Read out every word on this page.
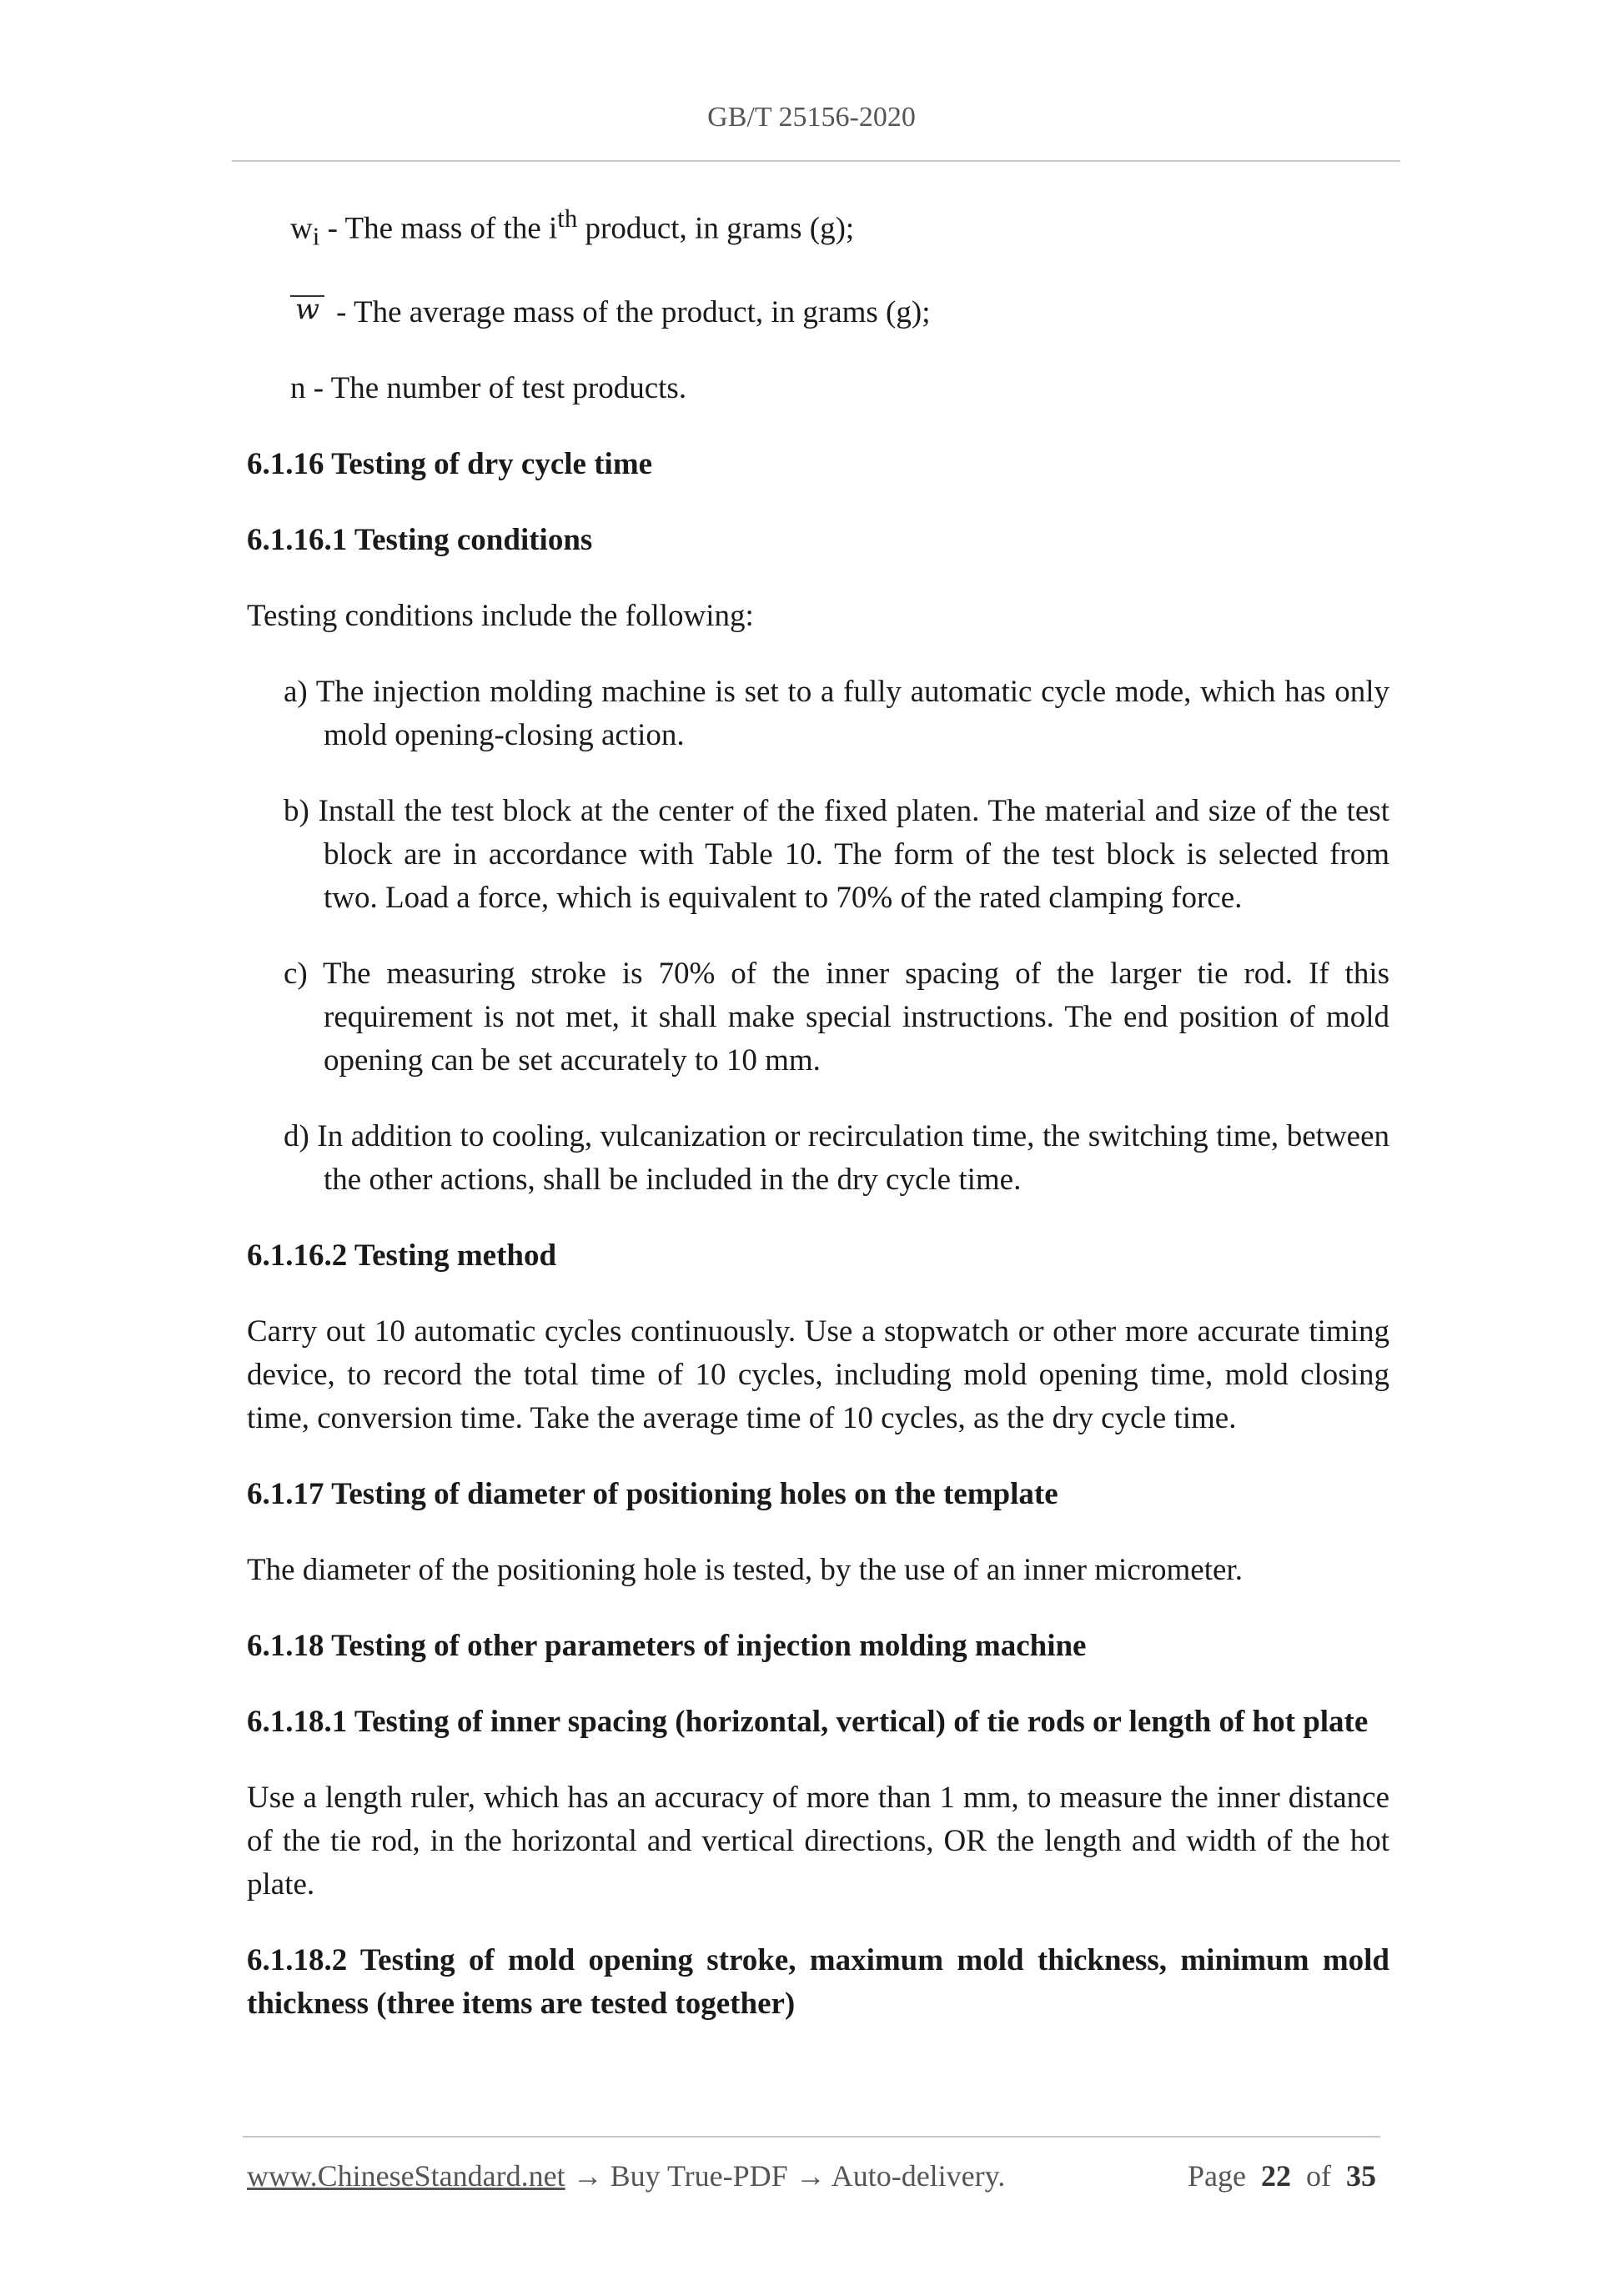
GB/T 25156-2020

$w_i$ - The mass of the $i^{th}$ product, in grams (g);

w - The average mass of the product, in grams (g);

n - The number of test products.

6.1.16 Testing of dry cycle time

6.1.16.1 Testing conditions

Testing conditions include the following:

a) The injection molding machine is set to a fully automatic cycle mode, which has only mold opening-closing action.

b) Install the test block at the center of the fixed platen. The material and size of the test block are in accordance with Table 10. The form of the test block is selected from two. Load a force, which is equivalent to 70% of the rated clamping force.

c) The measuring stroke is 70% of the inner spacing of the larger tie rod. If this requirement is not met, it shall make special instructions. The end position of mold opening can be set accurately to 10 mm.

d) In addition to cooling, vulcanization or recirculation time, the switching time, between the other actions, shall be included in the dry cycle time.

6.1.16.2 Testing method

Carry out 10 automatic cycles continuously. Use a stopwatch or other more accurate timing device, to record the total time of 10 cycles, including mold opening time, mold closing time, conversion time. Take the average time of 10 cycles, as the dry cycle time.

6.1.17 Testing of diameter of positioning holes on the template

The diameter of the positioning hole is tested, by the use of an inner micrometer.

6.1.18 Testing of other parameters of injection molding machine

6.1.18.1 Testing of inner spacing (horizontal, vertical) of tie rods or length of hot plate

Use a length ruler, which has an accuracy of more than 1 mm, to measure the inner distance of the tie rod, in the horizontal and vertical directions, OR the length and width of the hot plate.

6.1.18.2 Testing of mold opening stroke, maximum mold thickness, minimum mold thickness (three items are tested together)

www.ChineseStandard.net → Buy True-PDF → Auto-delivery.	Page 22 of 35
